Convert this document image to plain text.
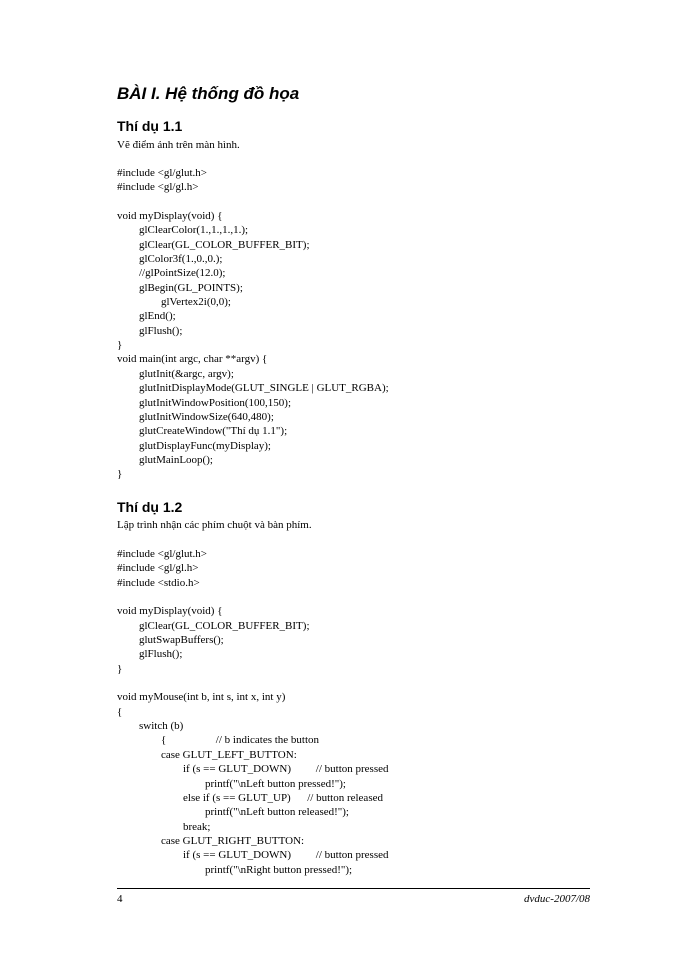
BÀI I. Hệ thống đồ họa
Thí dụ 1.1
Vẽ điểm ảnh trên màn hình.
#include <gl/glut.h>
#include <gl/gl.h>
void myDisplay(void) {
glClearColor(1.,1.,1.,1.);
glClear(GL_COLOR_BUFFER_BIT);
glColor3f(1.,0.,0.);
//glPointSize(12.0);
glBegin(GL_POINTS);
glVertex2i(0,0);
glEnd();
glFlush();
}
void main(int argc, char **argv) {
glutInit(&argc, argv);
glutInitDisplayMode(GLUT_SINGLE | GLUT_RGBA);
glutInitWindowPosition(100,150);
glutInitWindowSize(640,480);
glutCreateWindow("Thí dụ 1.1");
glutDisplayFunc(myDisplay);
glutMainLoop();
}
Thí dụ 1.2
Lập trình nhận các phím chuột và bàn phím.
#include <gl/glut.h>
#include <gl/gl.h>
#include <stdio.h>
void myDisplay(void) {
glClear(GL_COLOR_BUFFER_BIT);
glutSwapBuffers();
glFlush();
}
void myMouse(int b, int s, int x, int y)
{
switch (b)
{                  // b indicates the button
case GLUT_LEFT_BUTTON:
if (s == GLUT_DOWN)         // button pressed
printf("\nLeft button pressed!");
else if (s == GLUT_UP)      // button released
printf("\nLeft button released!");
break;
case GLUT_RIGHT_BUTTON:
if (s == GLUT_DOWN)         // button pressed
printf("\nRight button pressed!");
4	dvduc-2007/08
